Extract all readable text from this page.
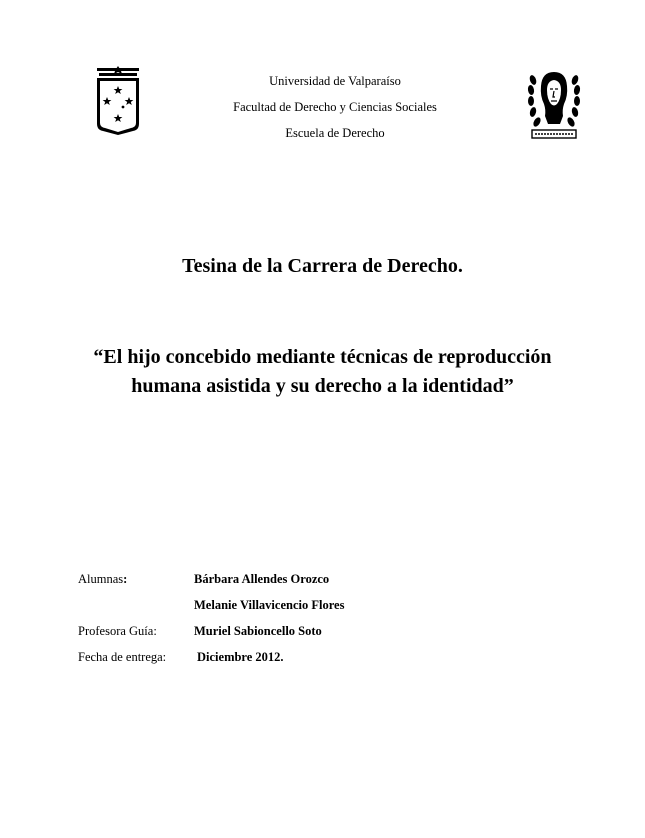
Universidad de Valparaíso
Facultad de Derecho y Ciencias Sociales
Escuela de Derecho
Tesina de la Carrera de Derecho.
“El hijo concebido mediante técnicas de reproducción humana asistida y su derecho a la identidad”
Alumnas:	Bárbara Allendes Orozco
Melanie Villavicencio Flores
Profesora Guía:	Muriel Sabioncello Soto
Fecha de entrega: Diciembre 2012.
